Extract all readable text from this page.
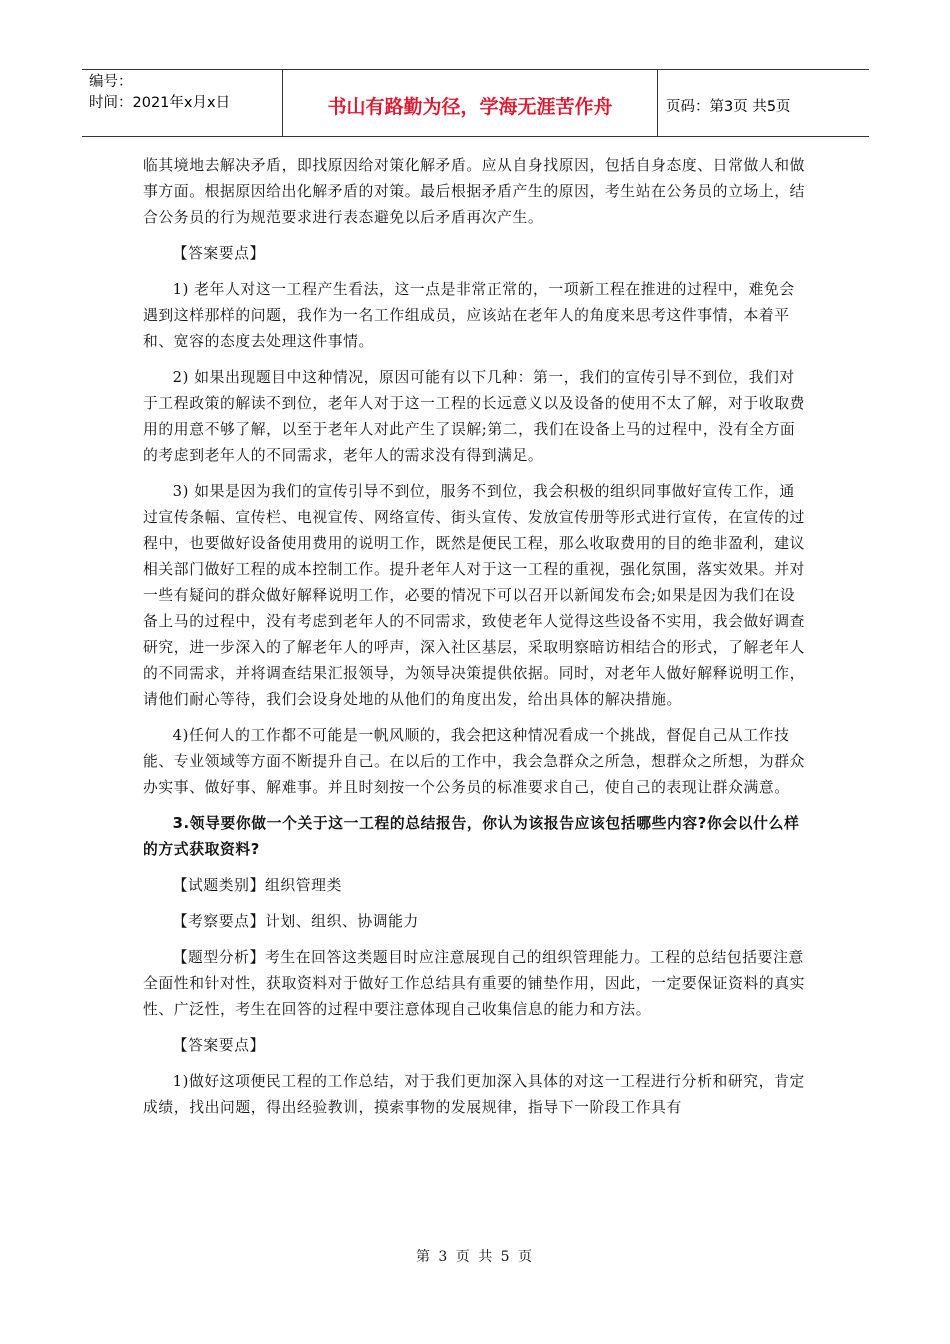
编号：
时间：2021年x月x日	书山有路勤为径，学海无涯苦作舟	页码：第3页 共5页

临其境地去解决矛盾，即找原因给对策化解矛盾。应从自身找原因，包括自身态度、日常做人和做事方面。根据原因给出化解矛盾的对策。最后根据矛盾产生的原因，考生站在公务员的立场上，结合公务员的行为规范要求进行表态避免以后矛盾再次产生。

【答案要点】

1) 老年人对这一工程产生看法，这一点是非常正常的，一项新工程在推进的过程中，难免会遇到这样那样的问题，我作为一名工作组成员，应该站在老年人的角度来思考这件事情，本着平和、宽容的态度去处理这件事情。

2) 如果出现题目中这种情况，原因可能有以下几种：第一，我们的宣传引导不到位，我们对于工程政策的解读不到位，老年人对于这一工程的长远意义以及设备的使用不太了解，对于收取费用的用意不够了解，以至于老年人对此产生了误解;第二，我们在设备上马的过程中，没有全方面的考虑到老年人的不同需求，老年人的需求没有得到满足。

3) 如果是因为我们的宣传引导不到位，服务不到位，我会积极的组织同事做好宣传工作，通过宣传条幅、宣传栏、电视宣传、网络宣传、街头宣传、发放宣传册等形式进行宣传，在宣传的过程中，也要做好设备使用费用的说明工作，既然是便民工程，那么收取费用的目的绝非盈利，建议相关部门做好工程的成本控制工作。提升老年人对于这一工程的重视，强化氛围，落实效果。并对一些有疑问的群众做好解释说明工作，必要的情况下可以召开以新闻发布会;如果是因为我们在设备上马的过程中，没有考虑到老年人的不同需求，致使老年人觉得这些设备不实用，我会做好调查研究，进一步深入的了解老年人的呼声，深入社区基层，采取明察暗访相结合的形式，了解老年人的不同需求，并将调查结果汇报领导，为领导决策提供依据。同时，对老年人做好解释说明工作，请他们耐心等待，我们会设身处地的从他们的角度出发，给出具体的解决措施。

4)任何人的工作都不可能是一帆风顺的，我会把这种情况看成一个挑战，督促自己从工作技能、专业领域等方面不断提升自己。在以后的工作中，我会急群众之所急，想群众之所想，为群众办实事、做好事、解难事。并且时刻按一个公务员的标准要求自己，使自己的表现让群众满意。

3.领导要你做一个关于这一工程的总结报告，你认为该报告应该包括哪些内容?你会以什么样的方式获取资料?

【试题类别】组织管理类

【考察要点】计划、组织、协调能力

【题型分析】考生在回答这类题目时应注意展现自己的组织管理能力。工程的总结包括要注意全面性和针对性，获取资料对于做好工作总结具有重要的铺垫作用，因此，一定要保证资料的真实性、广泛性，考生在回答的过程中要注意体现自己收集信息的能力和方法。

【答案要点】

1)做好这项便民工程的工作总结，对于我们更加深入具体的对这一工程进行分析和研究，肯定成绩，找出问题，得出经验教训，摸索事物的发展规律，指导下一阶段工作具有

第 3 页 共 5 页
